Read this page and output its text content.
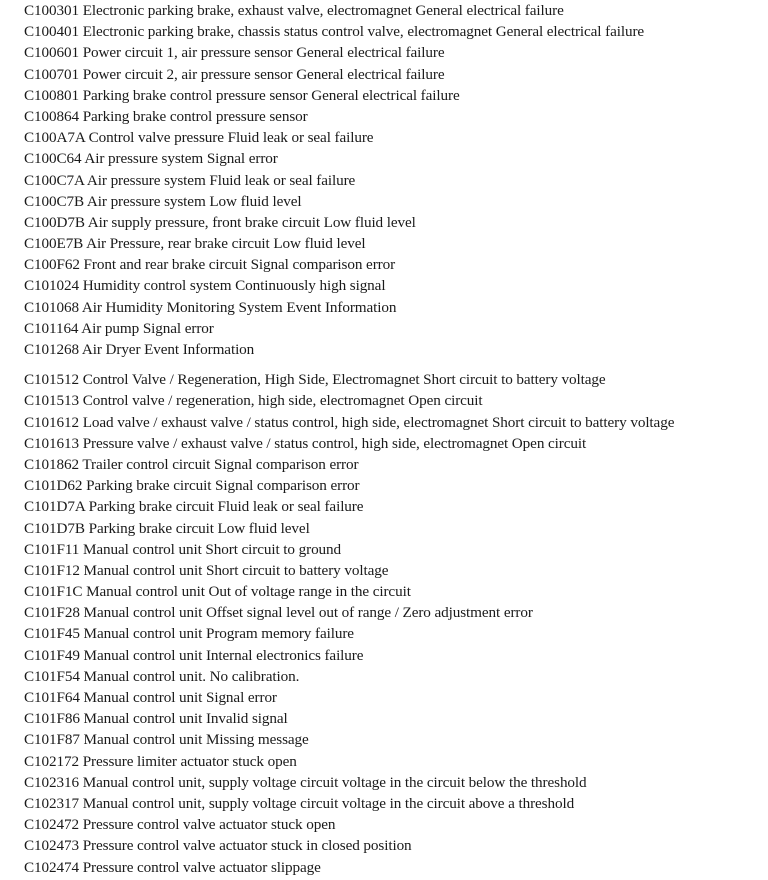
C100301 Electronic parking brake, exhaust valve, electromagnet General electrical failure
C100401 Electronic parking brake, chassis status control valve, electromagnet General electrical failure
C100601 Power circuit 1, air pressure sensor General electrical failure
C100701 Power circuit 2, air pressure sensor General electrical failure
C100801 Parking brake control pressure sensor General electrical failure
C100864 Parking brake control pressure sensor
C100A7A Control valve pressure Fluid leak or seal failure
C100C64 Air pressure system Signal error
C100C7A Air pressure system Fluid leak or seal failure
C100C7B Air pressure system Low fluid level
C100D7B Air supply pressure, front brake circuit Low fluid level
C100E7B Air Pressure, rear brake circuit Low fluid level
C100F62 Front and rear brake circuit Signal comparison error
C101024 Humidity control system Continuously high signal
C101068 Air Humidity Monitoring System Event Information
C101164 Air pump Signal error
C101268 Air Dryer Event Information
C101512 Control Valve / Regeneration, High Side, Electromagnet Short circuit to battery voltage
C101513 Control valve / regeneration, high side, electromagnet Open circuit
C101612 Load valve / exhaust valve / status control, high side, electromagnet Short circuit to battery voltage
C101613 Pressure valve / exhaust valve / status control, high side, electromagnet Open circuit
C101862 Trailer control circuit Signal comparison error
C101D62 Parking brake circuit Signal comparison error
C101D7A Parking brake circuit Fluid leak or seal failure
C101D7B Parking brake circuit Low fluid level
C101F11 Manual control unit Short circuit to ground
C101F12 Manual control unit Short circuit to battery voltage
C101F1C Manual control unit Out of voltage range in the circuit
C101F28 Manual control unit Offset signal level out of range / Zero adjustment error
C101F45 Manual control unit Program memory failure
C101F49 Manual control unit Internal electronics failure
C101F54 Manual control unit. No calibration.
C101F64 Manual control unit Signal error
C101F86 Manual control unit Invalid signal
C101F87 Manual control unit Missing message
C102172 Pressure limiter actuator stuck open
C102316 Manual control unit, supply voltage circuit voltage in the circuit below the threshold
C102317 Manual control unit, supply voltage circuit voltage in the circuit above a threshold
C102472 Pressure control valve actuator stuck open
C102473 Pressure control valve actuator stuck in closed position
C102474 Pressure control valve actuator slippage
